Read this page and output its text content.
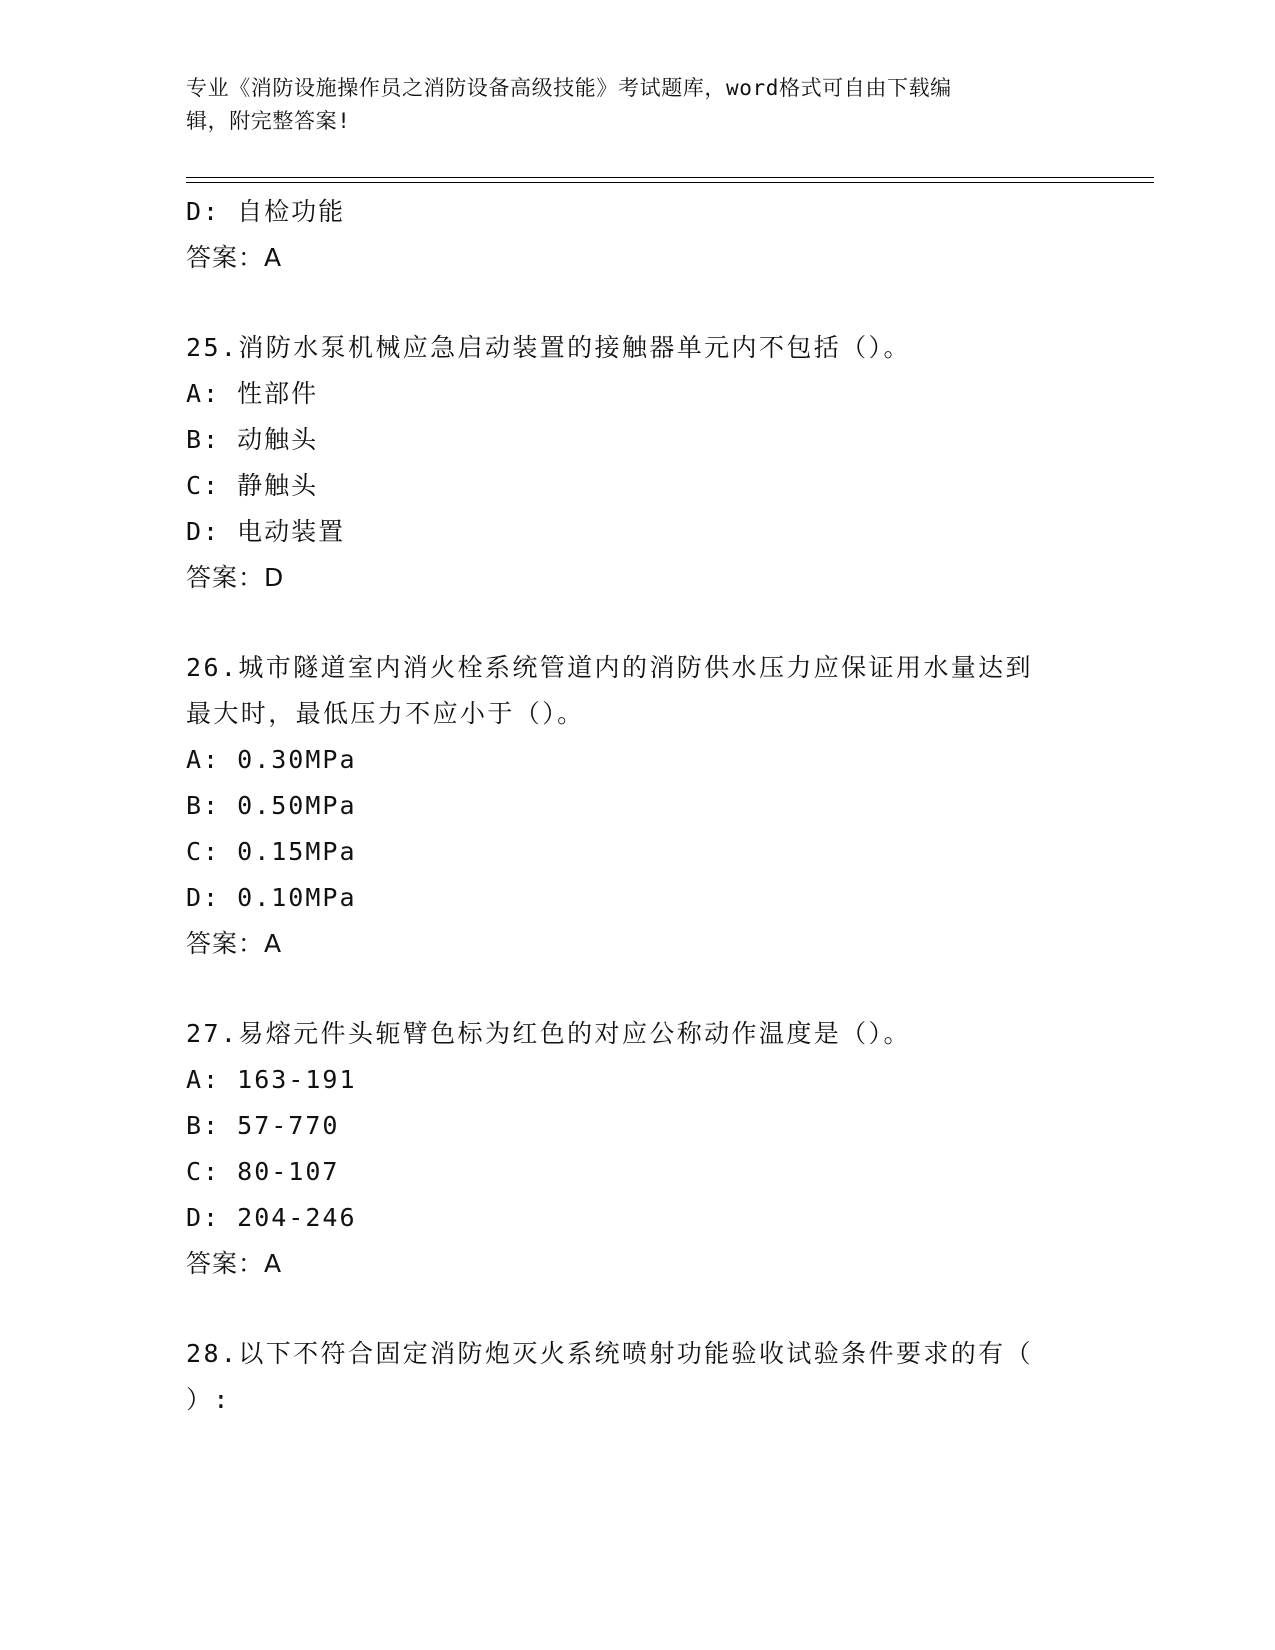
专业《消防设施操作员之消防设备高级技能》考试题库，word格式可自由下载编
辑，附完整答案!
D: 自检功能
答案：A
25.消防水泵机械应急启动装置的接触器单元内不包括（）。
A: 性部件
B: 动触头
C: 静触头
D: 电动装置
答案：D
26.城市隧道室内消火栓系统管道内的消防供水压力应保证用水量达到
最大时，最低压力不应小于（）。
A: 0.30MPa
B: 0.50MPa
C: 0.15MPa
D: 0.10MPa
答案：A
27.易熔元件头轭臂色标为红色的对应公称动作温度是（）。
A: 163-191
B: 57-770
C: 80-107
D: 204-246
答案：A
28.以下不符合固定消防炮灭火系统喷射功能验收试验条件要求的有（
）:
